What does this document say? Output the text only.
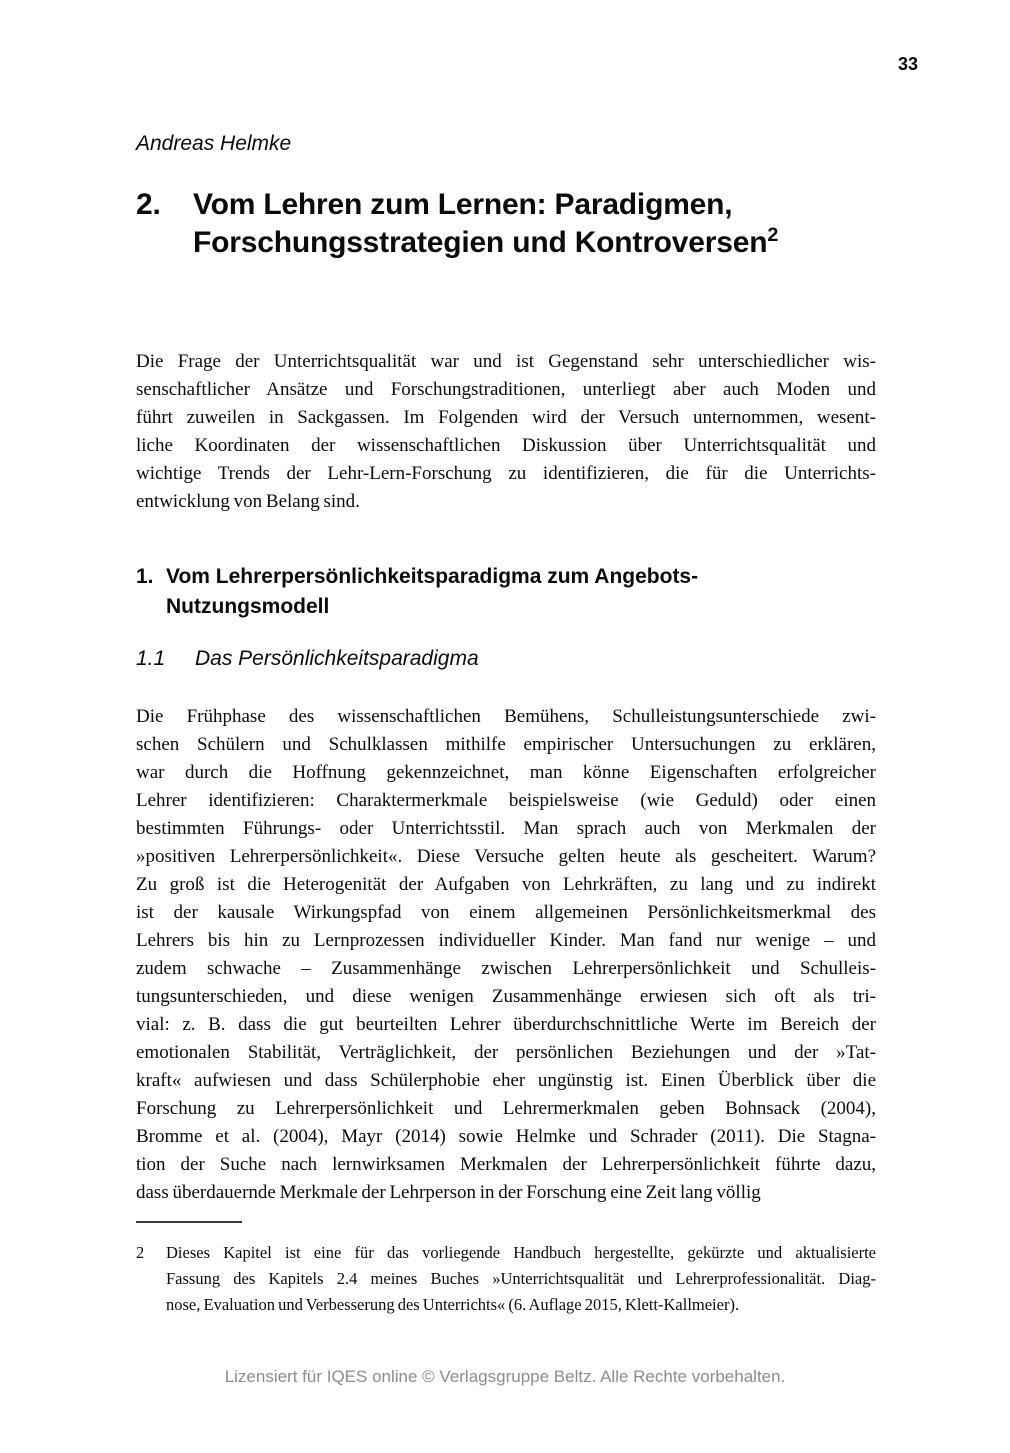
33
Andreas Helmke
2.	Vom Lehren zum Lernen: Paradigmen,
Forschungsstrategien und Kontroversen$^2$
Die Frage der Unterrichtsqualität war und ist Gegenstand sehr unterschiedlicher wis-
senschaftlicher Ansätze und Forschungstraditionen, unterliegt aber auch Moden und
führt zuweilen in Sackgassen. Im Folgenden wird der Versuch unternommen, wesent-
liche Koordinaten der wissenschaftlichen Diskussion über Unterrichtsqualität und
wichtige Trends der Lehr-Lern-Forschung zu identifizieren, die für die Unterrichts-
entwicklung von Belang sind.
1. Vom Lehrerpersönlichkeitsparadigma zum Angebots-
Nutzungsmodell
1.1	Das Persönlichkeitsparadigma
Die Frühphase des wissenschaftlichen Bemühens, Schulleistungsunterschiede zwi-
schen Schülern und Schulklassen mithilfe empirischer Untersuchungen zu erklären,
war durch die Hoffnung gekennzeichnet, man könne Eigenschaften erfolgreicher
Lehrer identifizieren: Charaktermerkmale beispielsweise (wie Geduld) oder einen
bestimmten Führungs- oder Unterrichtsstil. Man sprach auch von Merkmalen der
»positiven Lehrerpersönlichkeit«. Diese Versuche gelten heute als gescheitert. Warum?
Zu groß ist die Heterogenität der Aufgaben von Lehrkräften, zu lang und zu indirekt
ist der kausale Wirkungspfad von einem allgemeinen Persönlichkeitsmerkmal des
Lehrers bis hin zu Lernprozessen individueller Kinder. Man fand nur wenige – und
zudem schwache – Zusammenhänge zwischen Lehrerpersönlichkeit und Schulleis-
tungsunterschieden, und diese wenigen Zusammenhänge erwiesen sich oft als tri-
vial: z. B. dass die gut beurteilten Lehrer überdurchschnittliche Werte im Bereich der
emotionalen Stabilität, Verträglichkeit, der persönlichen Beziehungen und der »Tat-
kraft« aufwiesen und dass Schülerphobie eher ungünstig ist. Einen Überblick über die
Forschung zu Lehrerpersönlichkeit und Lehrermerkmalen geben Bohnsack (2004),
Bromme et al. (2004), Mayr (2014) sowie Helmke und Schrader (2011). Die Stagna-
tion der Suche nach lernwirksamen Merkmalen der Lehrerpersönlichkeit führte dazu,
dass überdauernde Merkmale der Lehrperson in der Forschung eine Zeit lang völlig
2	Dieses Kapitel ist eine für das vorliegende Handbuch hergestellte, gekürzte und aktualisierte
Fassung des Kapitels 2.4 meines Buches »Unterrichtsqualität und Lehrerprofessionalität. Diag-
nose, Evaluation und Verbesserung des Unterrichts« (6. Auflage 2015, Klett-Kallmeier).
Lizensiert für IQES online © Verlagsgruppe Beltz. Alle Rechte vorbehalten.
